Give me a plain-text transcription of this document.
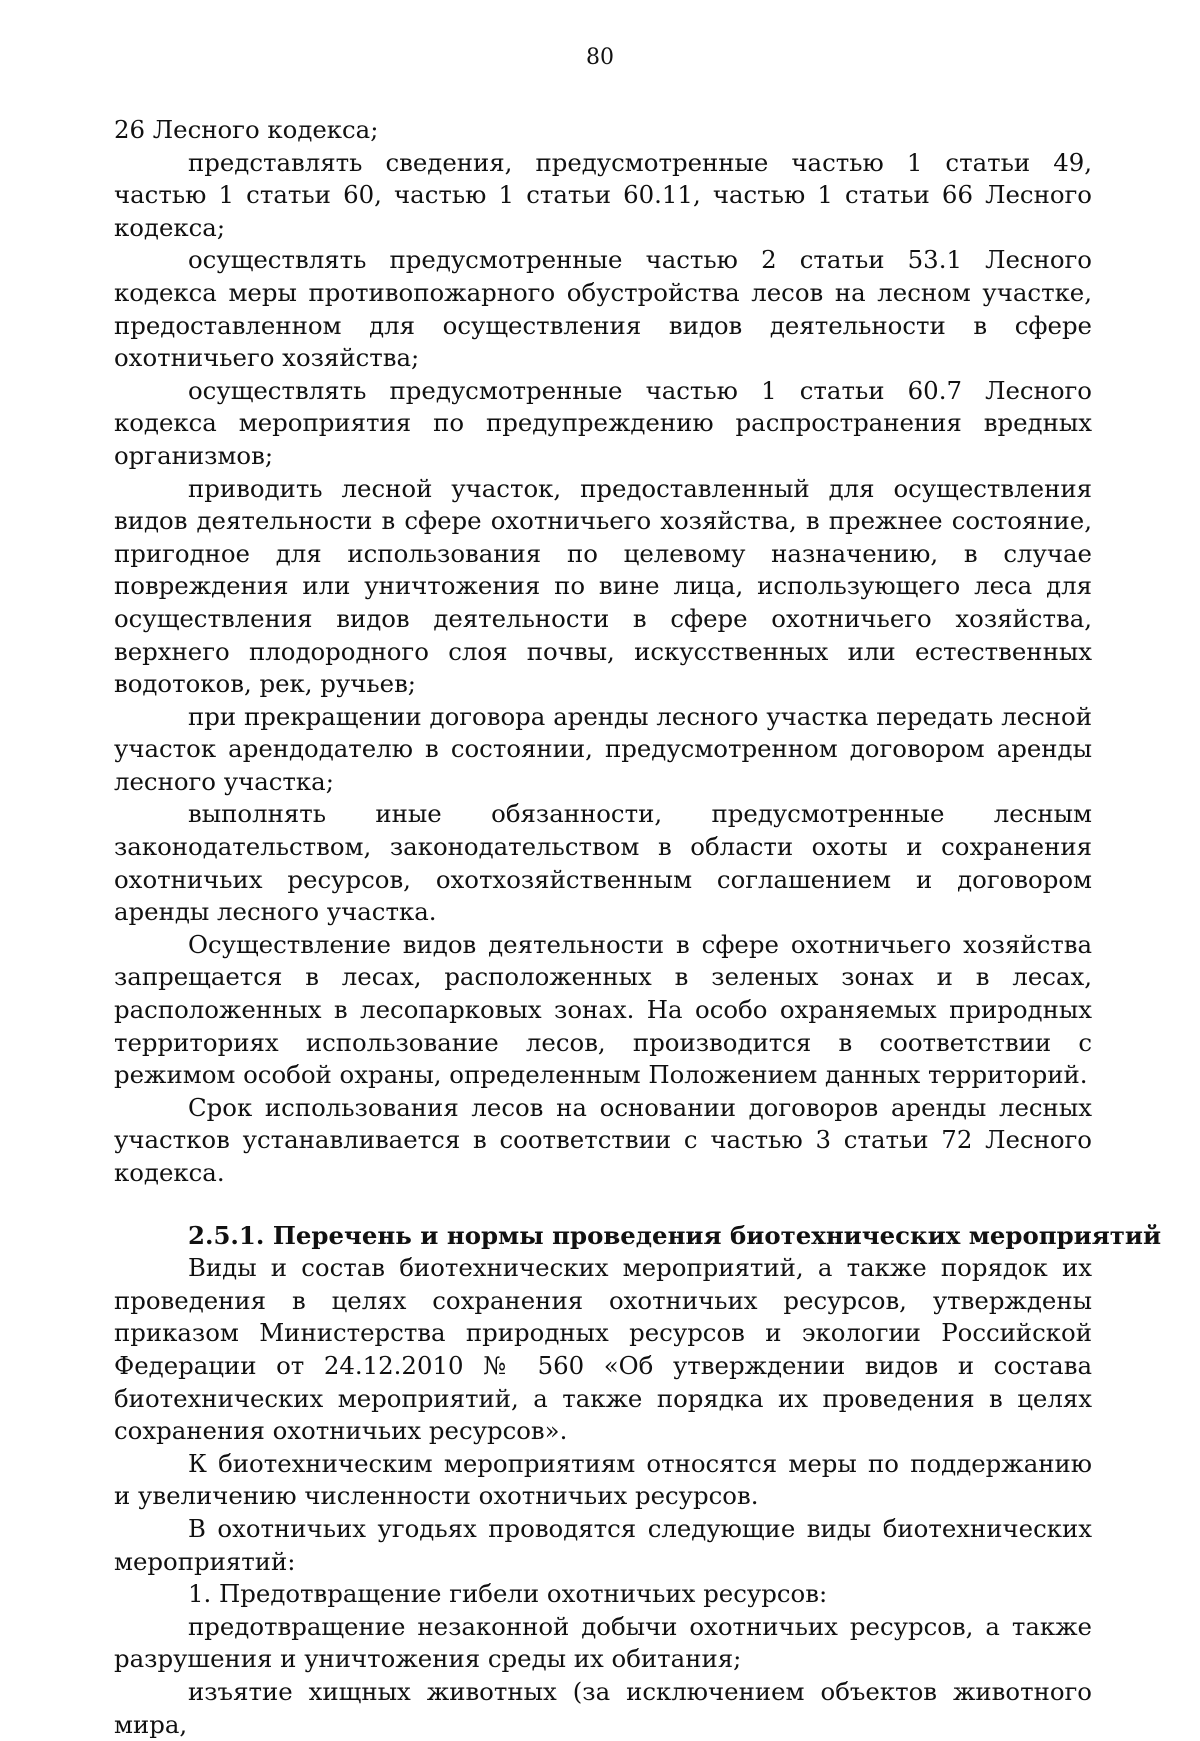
80

26 Лесного кодекса;

представлять сведения, предусмотренные частью 1 статьи 49, частью 1 статьи 60, частью 1 статьи 60.11, частью 1 статьи 66 Лесного кодекса;

осуществлять предусмотренные частью 2 статьи 53.1 Лесного кодекса меры противопожарного обустройства лесов на лесном участке, предоставленном для осуществления видов деятельности в сфере охотничьего хозяйства;

осуществлять предусмотренные частью 1 статьи 60.7 Лесного кодекса мероприятия по предупреждению распространения вредных организмов;

приводить лесной участок, предоставленный для осуществления видов деятельности в сфере охотничьего хозяйства, в прежнее состояние, пригодное для использования по целевому назначению, в случае повреждения или уничтожения по вине лица, использующего леса для осуществления видов деятельности в сфере охотничьего хозяйства, верхнего плодородного слоя почвы, искусственных или естественных водотоков, рек, ручьев;

при прекращении договора аренды лесного участка передать лесной участок арендодателю в состоянии, предусмотренном договором аренды лесного участка;

выполнять иные обязанности, предусмотренные лесным законодательством, законодательством в области охоты и сохранения охотничьих ресурсов, охотхозяйственным соглашением и договором аренды лесного участка.

Осуществление видов деятельности в сфере охотничьего хозяйства запрещается в лесах, расположенных в зеленых зонах и в лесах, расположенных в лесопарковых зонах. На особо охраняемых природных территориях использование лесов, производится в соответствии с режимом особой охраны, определенным Положением данных территорий.

Срок использования лесов на основании договоров аренды лесных участков устанавливается в соответствии с частью 3 статьи 72 Лесного кодекса.

2.5.1. Перечень и нормы проведения биотехнических мероприятий

Виды и состав биотехнических мероприятий, а также порядок их проведения в целях сохранения охотничьих ресурсов, утверждены приказом Министерства природных ресурсов и экологии Российской Федерации от 24.12.2010 № 560 «Об утверждении видов и состава биотехнических мероприятий, а также порядка их проведения в целях сохранения охотничьих ресурсов».

К биотехническим мероприятиям относятся меры по поддержанию и увеличению численности охотничьих ресурсов.

В охотничьих угодьях проводятся следующие виды биотехнических мероприятий:

1. Предотвращение гибели охотничьих ресурсов:

предотвращение незаконной добычи охотничьих ресурсов, а также разрушения и уничтожения среды их обитания;

изъятие хищных животных (за исключением объектов животного мира,
